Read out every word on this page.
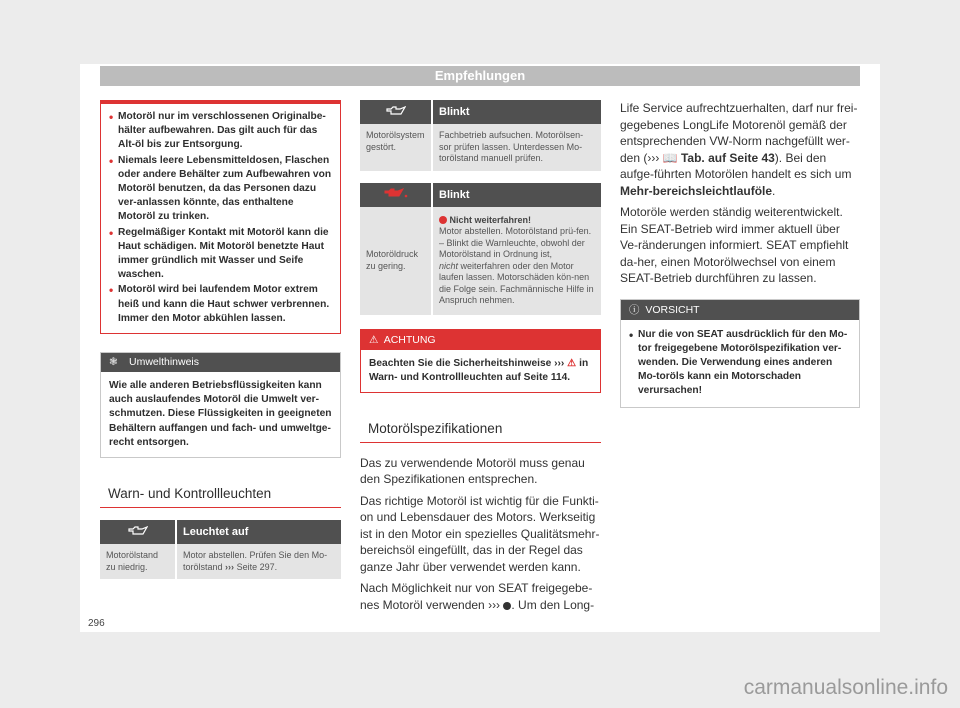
Empfehlungen
• Motoröl nur im verschlossenen Originalbe-hälter aufbewahren. Das gilt auch für das Alt-öl bis zur Entsorgung.
• Niemals leere Lebensmitteldosen, Flaschen oder andere Behälter zum Aufbewahren von Motoröl benutzen, da das Personen dazu ver-anlassen könnte, das enthaltene Motoröl zu trinken.
• Regelmäßiger Kontakt mit Motoröl kann die Haut schädigen. Mit Motoröl benetzte Haut immer gründlich mit Wasser und Seife waschen.
• Motoröl wird bei laufendem Motor extrem heiß und kann die Haut schwer verbrennen. Immer den Motor abkühlen lassen.
❃ Umwelthinweis
Wie alle anderen Betriebsflüssigkeiten kann auch auslaufendes Motoröl die Umwelt ver-schmutzen. Diese Flüssigkeiten in geeigneten Behältern auffangen und fach- und umweltge-recht entsorgen.
Warn- und Kontrollleuchten
	Leuchtet auf
Motorölstand zu niedrig.	Motor abstellen. Prüfen Sie den Mo-torölstand ››› Seite 297.
	Blinkt
Motorölsystem gestört.	Fachbetrieb aufsuchen. Motorölsen-sor prüfen lassen. Unterdessen Mo-torölstand manuell prüfen.
	Blinkt
Motoröldruck zu gering.	Nicht weiterfahren!
Motor abstellen. Motorölstand prü-fen.
– Blinkt die Warnleuchte, obwohl der Motorölstand in Ordnung ist,
nicht weiterfahren oder den Motor laufen lassen. Motorschäden kön-nen die Folge sein. Fachmännische Hilfe in Anspruch nehmen.
⚠ ACHTUNG
Beachten Sie die Sicherheitshinweise ››› ⚠ in Warn- und Kontrollleuchten auf Seite 114.
Motorölspezifikationen

Das zu verwendende Motoröl muss genau den Spezifikationen entsprechen.

Das richtige Motoröl ist wichtig für die Funkti-on und Lebensdauer des Motors. Werkseitig ist in den Motor ein spezielles Qualitätsmehr-bereichsöl eingefüllt, das in der Regel das ganze Jahr über verwendet werden kann.

Nach Möglichkeit nur von SEAT freigegebe-nes Motoröl verwenden ››› . Um den Long-

Life Service aufrechtzuerhalten, darf nur frei-gegebenes LongLife Motorenöl gemäß der entsprechenden VW-Norm nachgefüllt wer-den (››› 📖 Tab. auf Seite 43). Bei den aufge-führten Motorölen handelt es sich um Mehr-bereichsleichtlauföle.

Motoröle werden ständig weiterentwickelt. Ein SEAT-Betrieb wird immer aktuell über Ve-ränderungen informiert. SEAT empfiehlt da-her, einen Motorölwechsel von einem SEAT-Betrieb durchführen zu lassen.

ⓘ VORSICHT
• Nur die von SEAT ausdrücklich für den Mo-tor freigegebene Motorölspezifikation ver-wenden. Die Verwendung eines anderen Mo-toröls kann ein Motorschaden verursachen!
296
carmanualsonline.info
